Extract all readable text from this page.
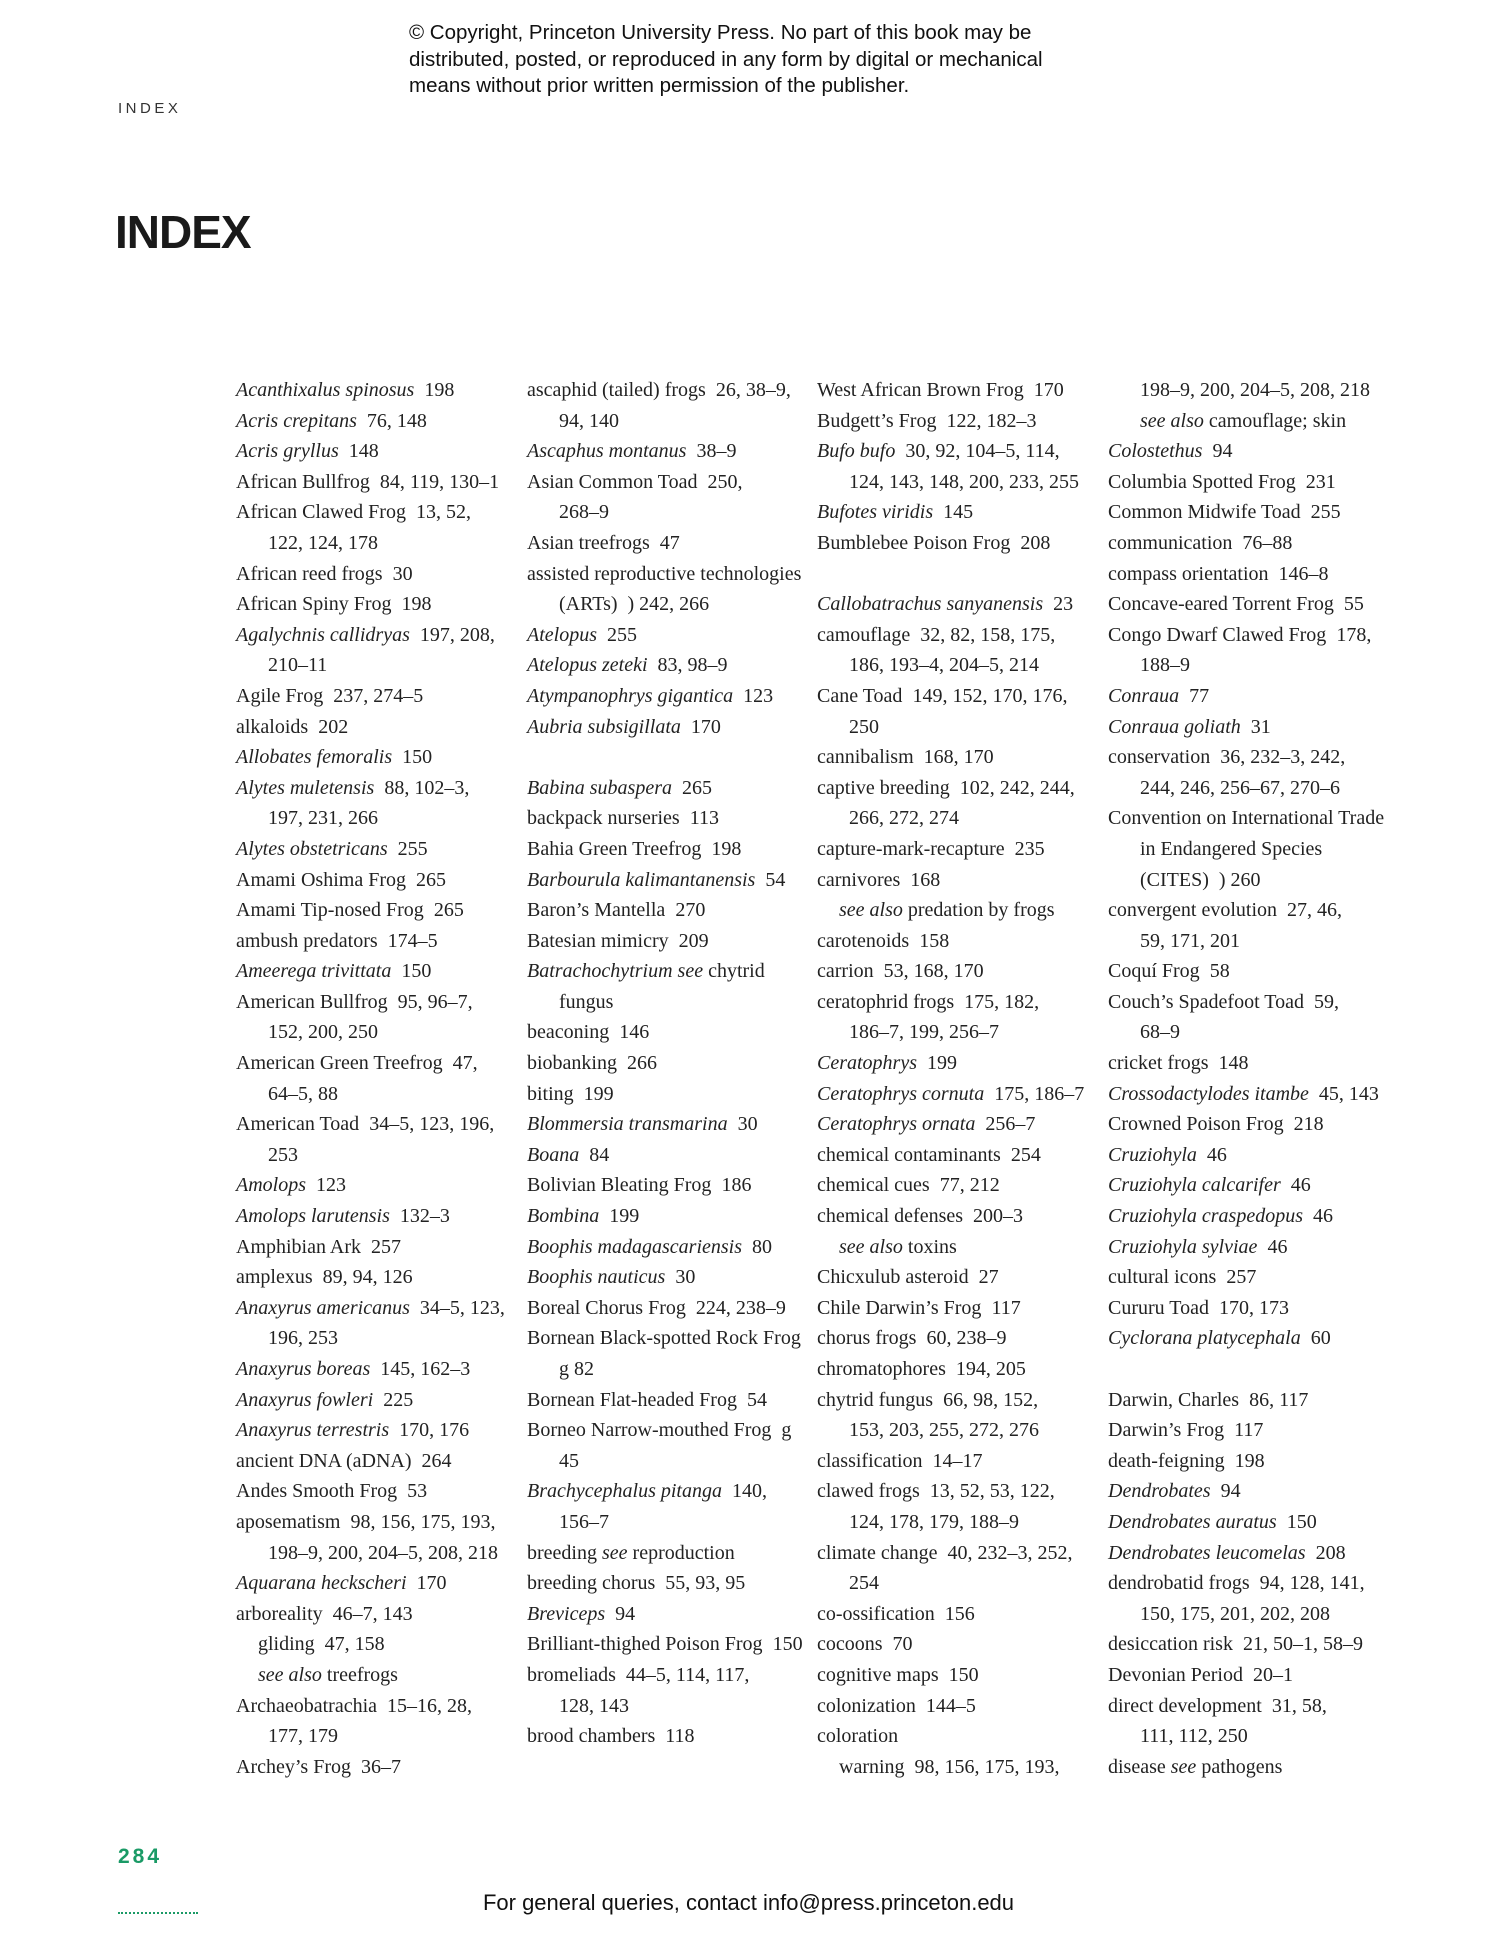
© Copyright, Princeton University Press. No part of this book may be
distributed, posted, or reproduced in any form by digital or mechanical
means without prior written permission of the publisher.
INDEX
INDEX
Acanthixalus spinosus  198
Acris crepitans  76, 148
Acris gryllus  148
African Bullfrog  84, 119, 130–1
African Clawed Frog  13, 52,
122, 124, 178
African reed frogs  30
African Spiny Frog  198
Agalychnis callidryas  197, 208,
210–11
Agile Frog  237, 274–5
alkaloids  202
Allobates femoralis  150
Alytes muletensis  88, 102–3,
197, 231, 266
Alytes obstetricans  255
Amami Oshima Frog  265
Amami Tip-nosed Frog  265
ambush predators  174–5
Ameerega trivittata  150
American Bullfrog  95, 96–7,
152, 200, 250
American Green Treefrog  47,
64–5, 88
American Toad  34–5, 123, 196,
253
Amolops  123
Amolops larutensis  132–3
Amphibian Ark  257
amplexus  89, 94, 126
Anaxyrus americanus  34–5, 123,
196, 253
Anaxyrus boreas  145, 162–3
Anaxyrus fowleri  225
Anaxyrus terrestris  170, 176
ancient DNA (aDNA)  264
Andes Smooth Frog  53
aposematism  98, 156, 175, 193,
198–9, 200, 204–5, 208, 218
Aquarana heckscheri  170
arboreality  46–7, 143
gliding  47, 158
see also treefrogs
Archaeobatrachia  15–16, 28,
177, 179
Archey’s Frog  36–7
ascaphid (tailed) frogs  26, 38–9,
94, 140
Ascaphus montanus  38–9
Asian Common Toad  250,
268–9
Asian treefrogs  47
assisted reproductive technologies (ARTs)  ) 242, 266
Atelopus  255
Atelopus zeteki  83, 98–9
Atympanophrys gigantica  123
Aubria subsigillata  170
Babina subaspera  265
backpack nurseries  113
Bahia Green Treefrog  198
Barbourula kalimantanensis  54
Baron’s Mantella  270
Batesian mimicry  209
Batrachochytrium see chytrid fungus
beaconing  146
biobanking  266
biting  199
Blommersia transmarina  30
Boana  84
Bolivian Bleating Frog  186
Bombina  199
Boophis madagascariensis  80
Boophis nauticus  30
Boreal Chorus Frog  224, 238–9
Bornean Black-spotted Rock Frog g 82
Bornean Flat-headed Frog  54
Borneo Narrow-mouthed Frog  g 45
Brachycephalus pitanga  140,
156–7
breeding see reproduction
breeding chorus  55, 93, 95
Breviceps  94
Brilliant-thighed Poison Frog  150
bromeliads  44–5, 114, 117,
128, 143
brood chambers  118
West African Brown Frog  170
Budgett’s Frog  122, 182–3
Bufo bufo  30, 92, 104–5, 114,
124, 143, 148, 200, 233, 255
Bufotes viridis  145
Bumblebee Poison Frog  208
Callobatrachus sanyanensis  23
camouflage  32, 82, 158, 175,
186, 193–4, 204–5, 214
Cane Toad  149, 152, 170, 176,
250
cannibalism  168, 170
captive breeding  102, 242, 244,
266, 272, 274
capture-mark-recapture  235
carnivores  168
see also predation by frogs
carotenoids  158
carrion  53, 168, 170
ceratophrid frogs  175, 182,
186–7, 199, 256–7
Ceratophrys  199
Ceratophrys cornuta  175, 186–7
Ceratophrys ornata  256–7
chemical contaminants  254
chemical cues  77, 212
chemical defenses  200–3
see also toxins
Chicxulub asteroid  27
Chile Darwin’s Frog  117
chorus frogs  60, 238–9
chromatophores  194, 205
chytrid fungus  66, 98, 152,
153, 203, 255, 272, 276
classification  14–17
clawed frogs  13, 52, 53, 122,
124, 178, 179, 188–9
climate change  40, 232–3, 252,
254
co-ossification  156
cocoons  70
cognitive maps  150
colonization  144–5
coloration
warning  98, 156, 175, 193,
198–9, 200, 204–5, 208, 218
see also camouflage; skin
Colostethus  94
Columbia Spotted Frog  231
Common Midwife Toad  255
communication  76–88
compass orientation  146–8
Concave-eared Torrent Frog  55
Congo Dwarf Clawed Frog  178, 188–9
Conraua  77
Conraua goliath  31
conservation  36, 232–3, 242,
244, 246, 256–67, 270–6
Convention on International Trade in Endangered Species (CITES)  ) 260
convergent evolution  27, 46,
59, 171, 201
Coquí Frog  58
Couch’s Spadefoot Toad  59,
68–9
cricket frogs  148
Crossodactylodes itambe  45, 143
Crowned Poison Frog  218
Cruziohyla  46
Cruziohyla calcarifer  46
Cruziohyla craspedopus  46
Cruziohyla sylviae  46
cultural icons  257
Cururu Toad  170, 173
Cyclorana platycephala  60
Darwin, Charles  86, 117
Darwin’s Frog  117
death-feigning  198
Dendrobates  94
Dendrobates auratus  150
Dendrobates leucomelas  208
dendrobatid frogs  94, 128, 141,
150, 175, 201, 202, 208
desiccation risk  21, 50–1, 58–9
Devonian Period  20–1
direct development  31, 58,
111, 112, 250
disease see pathogens
284
For general queries, contact info@press.princeton.edu
